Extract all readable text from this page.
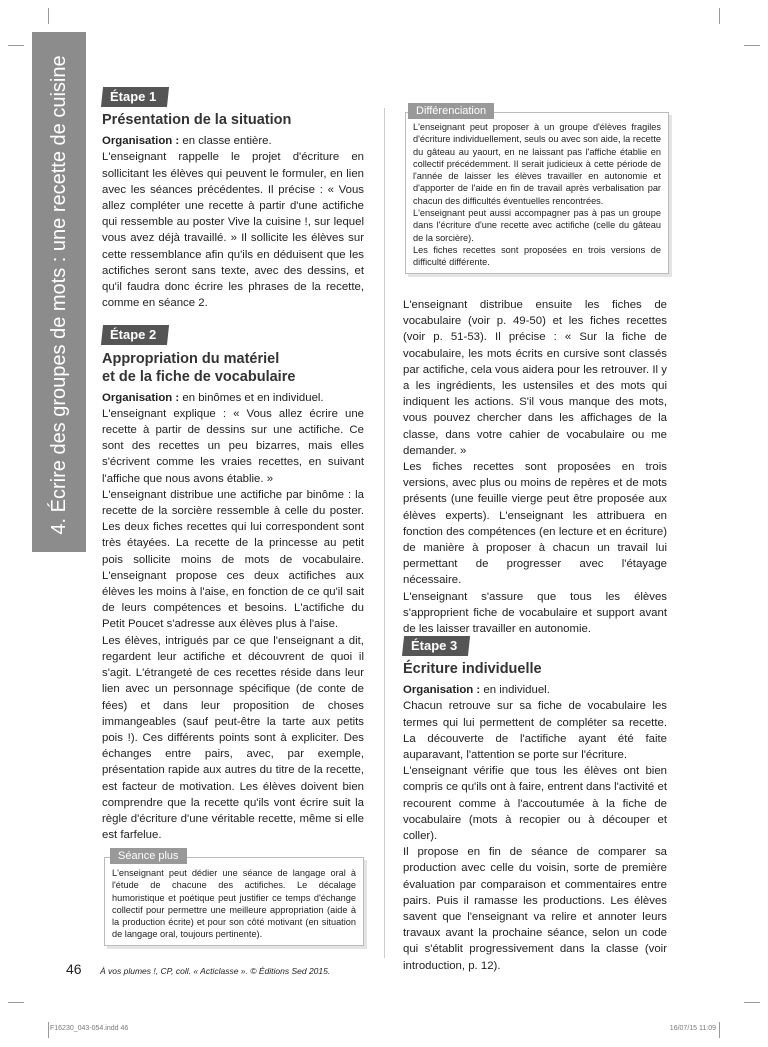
4. Écrire des groupes de mots : une recette de cuisine	Étape 1
Présentation de la situation

Organisation : en classe entière.

L'enseignant rappelle le projet d'écriture en sollicitant les élèves qui peuvent le formuler, en lien avec les séances précédentes. Il précise : « Vous allez compléter une recette à partir d'une actifiche qui ressemble au poster Vive la cuisine !, sur lequel vous avez déjà travaillé. » Il sollicite les élèves sur cette ressemblance afin qu'ils en déduisent que les actifiches seront sans texte, avec des dessins, et qu'il faudra donc écrire les phrases de la recette, comme en séance 2.

Étape 2
Appropriation du matériel
et de la fiche de vocabulaire

Organisation : en binômes et en individuel.

L'enseignant explique : « Vous allez écrire une recette à partir de dessins sur une actifiche. Ce sont des recettes un peu bizarres, mais elles s'écrivent comme les vraies recettes, en suivant l'affiche que nous avons établie. »

L'enseignant distribue une actifiche par binôme : la recette de la sorcière ressemble à celle du poster. Les deux fiches recettes qui lui correspondent sont très étayées. La recette de la princesse au petit pois sollicite moins de mots de vocabulaire. L'enseignant propose ces deux actifiches aux élèves les moins à l'aise, en fonction de ce qu'il sait de leurs compétences et besoins. L'actifiche du Petit Poucet s'adresse aux élèves plus à l'aise.

Les élèves, intrigués par ce que l'enseignant a dit, regardent leur actifiche et découvrent de quoi il s'agit. L'étrangeté de ces recettes réside dans leur lien avec un personnage spécifique (de conte de fées) et dans leur proposition de choses immangeables (sauf peut-être la tarte aux petits pois !). Ces différents points sont à expliciter. Des échanges entre pairs, avec, par exemple, présentation rapide aux autres du titre de la recette, est facteur de motivation. Les élèves doivent bien comprendre que la recette qu'ils vont écrire suit la règle d'écriture d'une véritable recette, même si elle est farfelue.

L'enseignant peut dédier une séance de langage oral à l'étude de chacune des actifiches. Le décalage humoristique et poétique peut justifier ce temps d'échange collectif pour permettre une meilleure appropriation (aide à la production écrite) et pour son côté motivant (en situation de langage oral, toujours pertinente).
Séance plus

L'enseignant peut proposer à un groupe d'élèves fragiles d'écriture individuellement, seuls ou avec son aide, la recette du gâteau au yaourt, en ne laissant pas l'affiche établie en collectif précédemment. Il serait judicieux à cette période de l'année de laisser les élèves travailler en autonomie et d'apporter de l'aide en fin de travail après verbalisation par chacun des difficultés éventuelles rencontrées.

L'enseignant peut aussi accompagner pas à pas un groupe dans l'écriture d'une recette avec actifiche (celle du gâteau de la sorcière).

Les fiches recettes sont proposées en trois versions de difficulté différente.

Différenciation

L'enseignant distribue ensuite les fiches de vocabulaire (voir p. 49-50) et les fiches recettes (voir p. 51-53). Il précise : « Sur la fiche de vocabulaire, les mots écrits en cursive sont classés par actifiche, cela vous aidera pour les retrouver. Il y a les ingrédients, les ustensiles et des mots qui indiquent les actions. S'il vous manque des mots, vous pouvez chercher dans les affichages de la classe, dans votre cahier de vocabulaire ou me demander. »

Les fiches recettes sont proposées en trois versions, avec plus ou moins de repères et de mots présents (une feuille vierge peut être proposée aux élèves experts). L'enseignant les attribuera en fonction des compétences (en lecture et en écriture) de manière à proposer à chacun un travail lui permettant de progresser avec l'étayage nécessaire.

L'enseignant s'assure que tous les élèves s'approprient fiche de vocabulaire et support avant de les laisser travailler en autonomie.

Étape 3
Écriture individuelle

Organisation : en individuel.

Chacun retrouve sur sa fiche de vocabulaire les termes qui lui permettent de compléter sa recette. La découverte de l'actifiche ayant été faite auparavant, l'attention se porte sur l'écriture.

L'enseignant vérifie que tous les élèves ont bien compris ce qu'ils ont à faire, entrent dans l'activité et recourent comme à l'accoutumée à la fiche de vocabulaire (mots à recopier ou à découper et coller).

Il propose en fin de séance de comparer sa production avec celle du voisin, sorte de première évaluation par comparaison et commentaires entre pairs. Puis il ramasse les productions. Les élèves savent que l'enseignant va relire et annoter leurs travaux avant la prochaine séance, selon un code qui s'établit progressivement dans la classe (voir introduction, p. 12).

46 À vos plumes !, CP, coll. « Acticlasse ». © Éditions Sed 2015.
F16230_043-054.indd 46	16/07/15 11:09
